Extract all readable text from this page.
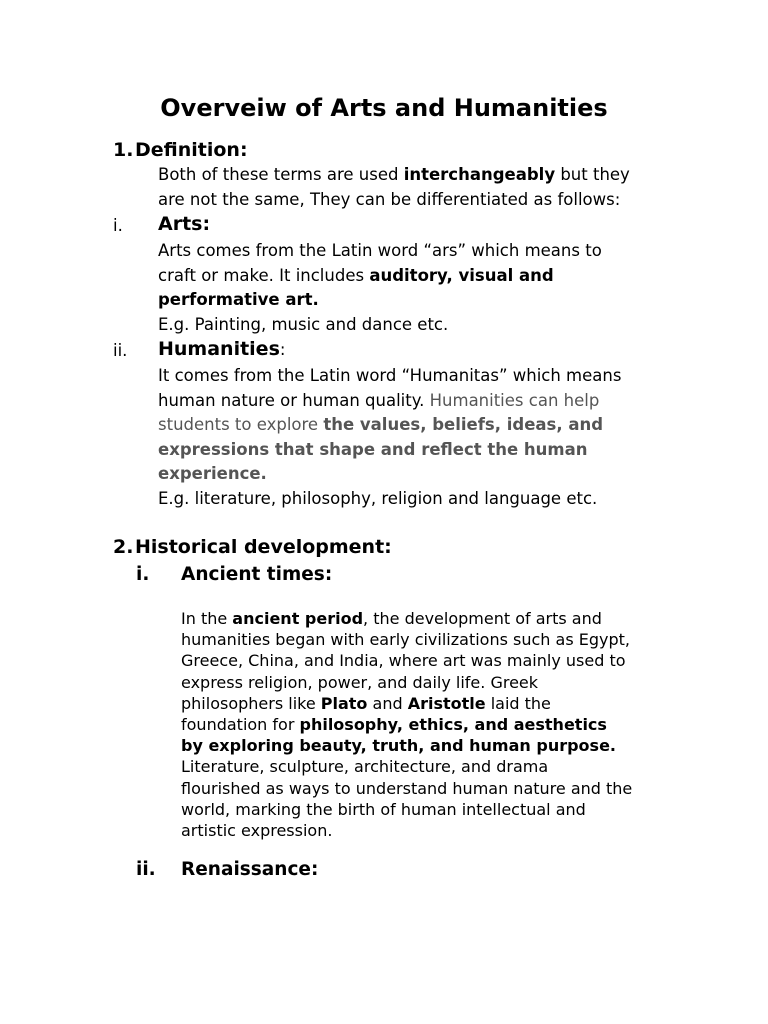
Overveiw of Arts and Humanities
1.Definition:
Both of these terms are used interchangeably but they
are not the same, They can be differentiated as follows:
i. Arts:
Arts comes from the Latin word “ars” which means to
craft or make. It includes auditory, visual and
performative art.
E.g. Painting, music and dance etc.
ii. Humanities:
It comes from the Latin word “Humanitas” which means
human nature or human quality. Humanities can help
students to explore the values, beliefs, ideas, and
expressions that shape and reflect the human
experience.
E.g. literature, philosophy, religion and language etc.
2.Historical development:
i. Ancient times:
In the ancient period, the development of arts and
humanities began with early civilizations such as Egypt,
Greece, China, and India, where art was mainly used to
express religion, power, and daily life. Greek
philosophers like Plato and Aristotle laid the
foundation for philosophy, ethics, and aesthetics
by exploring beauty, truth, and human purpose.
Literature, sculpture, architecture, and drama
flourished as ways to understand human nature and the
world, marking the birth of human intellectual and
artistic expression.
ii. Renaissance:
